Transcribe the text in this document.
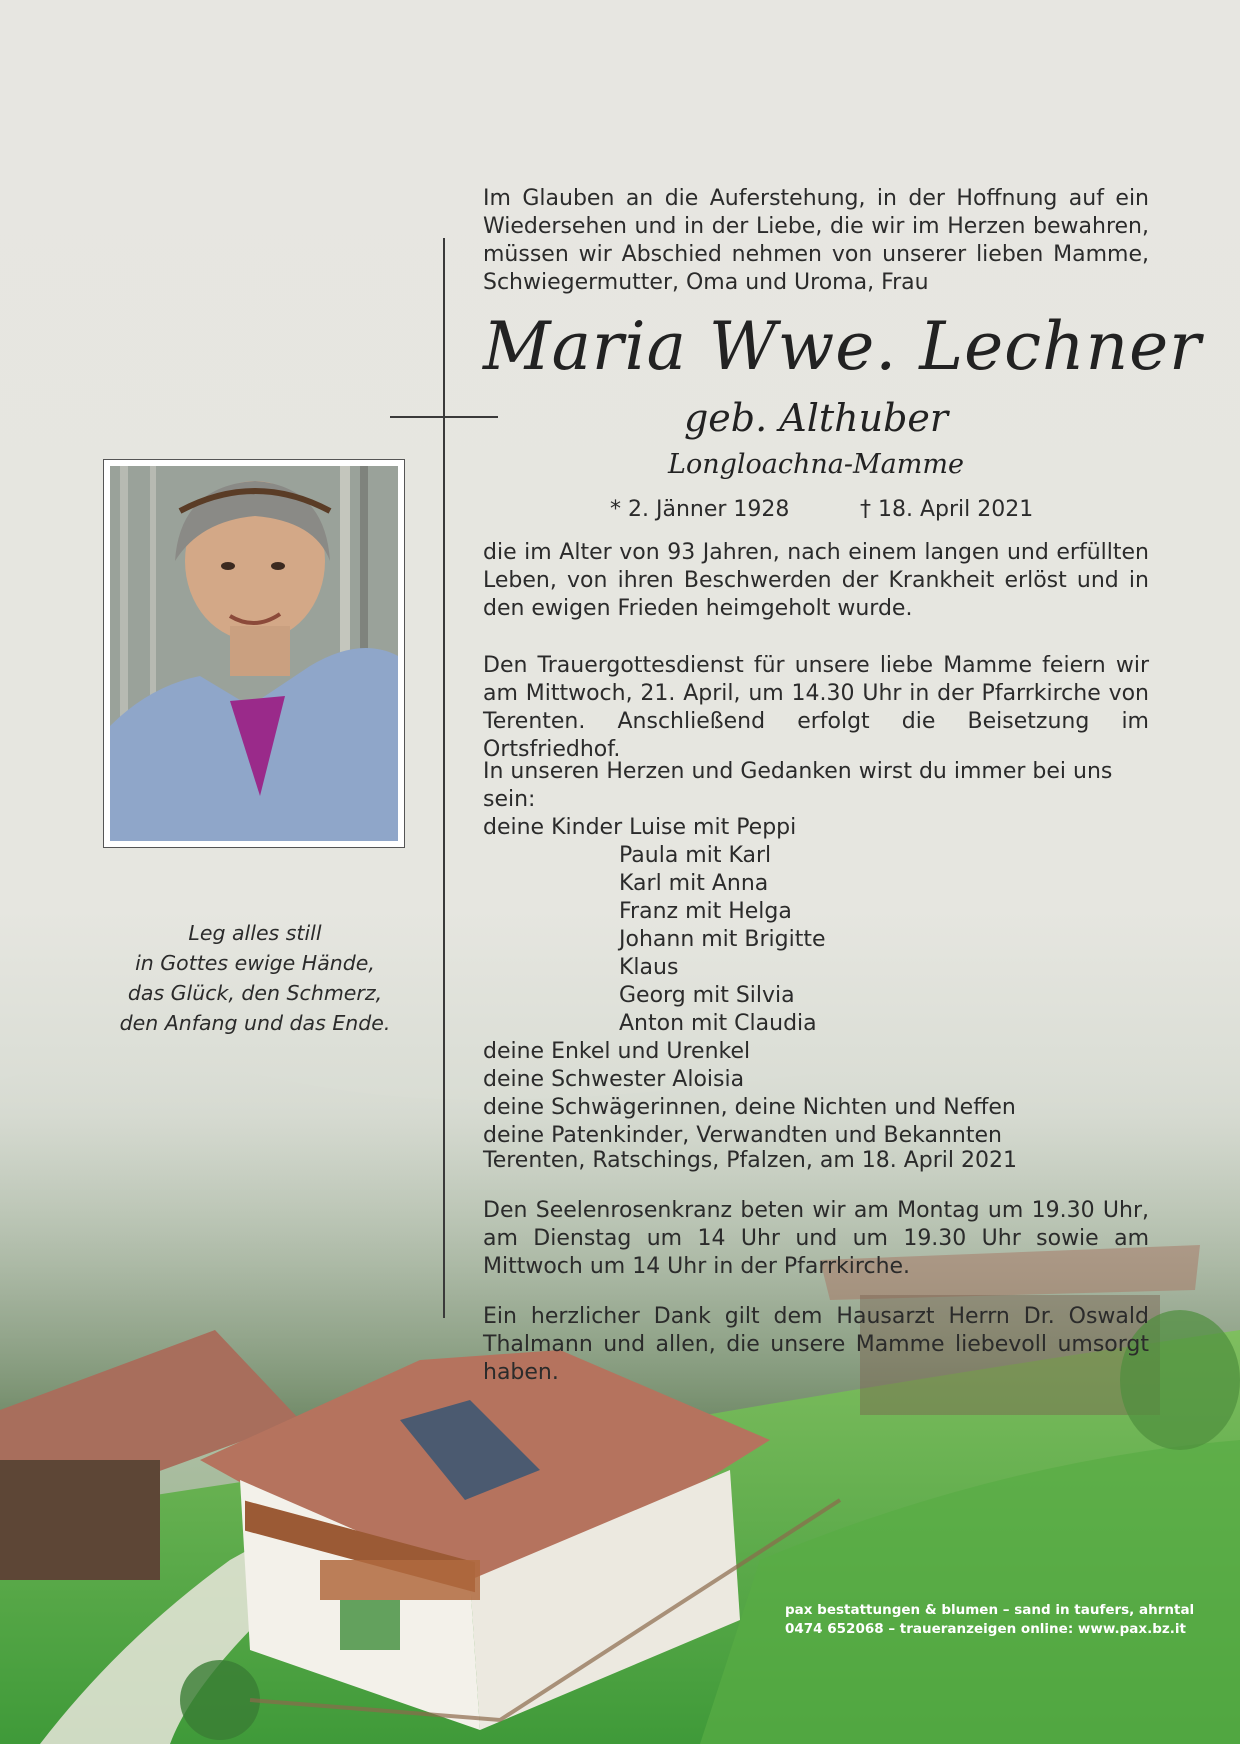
Leg alles still
in Gottes ewige Hände,
das Glück, den Schmerz,
den Anfang und das Ende.
Im Glauben an die Auferstehung, in der Hoffnung auf ein Wiedersehen und in der Liebe, die wir im Herzen bewahren, müssen wir Abschied nehmen von unserer lieben Mamme, Schwiegermutter, Oma und Uroma, Frau
Maria Wwe. Lechner
geb. Althuber
Longloachna-Mamme
* 2. Jänner 1928	† 18. April 2021
die im Alter von 93 Jahren, nach einem langen und erfüllten Leben, von ihren Beschwerden der Krankheit erlöst und in den ewigen Frieden heimgeholt wurde.
Den Trauergottesdienst für unsere liebe Mamme feiern wir am Mittwoch, 21. April, um 14.30 Uhr in der Pfarrkirche von Terenten. Anschließend erfolgt die Beisetzung im Ortsfriedhof.
In unseren Herzen und Gedanken wirst du immer bei uns sein:
deine Kinder
Luise mit Peppi
Paula mit Karl
Karl mit Anna
Franz mit Helga
Johann mit Brigitte
Klaus
Georg mit Silvia
Anton mit Claudia
deine Enkel und Urenkel
deine Schwester Aloisia
deine Schwägerinnen, deine Nichten und Neffen
deine Patenkinder, Verwandten und Bekannten
Terenten, Ratschings, Pfalzen, am 18. April 2021
Den Seelenrosenkranz beten wir am Montag um 19.30 Uhr, am Dienstag um 14 Uhr und um 19.30 Uhr sowie am Mittwoch um 14 Uhr in der Pfarrkirche.
Ein herzlicher Dank gilt dem Hausarzt Herrn Dr. Oswald Thalmann und allen, die unsere Mamme liebevoll umsorgt haben.
pax bestattungen & blumen – sand in taufers, ahrntal
0474 652068 – traueranzeigen online: www.pax.bz.it
